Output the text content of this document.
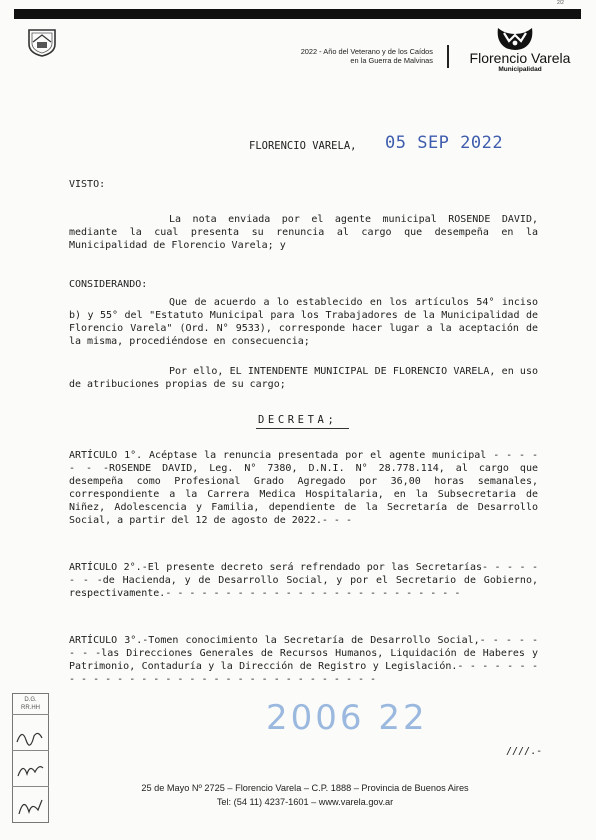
2/2
2022 - Año del Veterano y de los Caídos
en la Guerra de Malvinas	Florencio Varela
Municipalidad
FLORENCIO VARELA, 05 SEP 2022
VISTO:
La nota enviada por el agente municipal ROSENDE DAVID, mediante la cual presenta su renuncia al cargo que desempeña en la Municipalidad de Florencio Varela; y
CONSIDERANDO:
Que de acuerdo a lo establecido en los artículos 54° inciso b) y 55° del "Estatuto Municipal para los Trabajadores de la Municipalidad de Florencio Varela" (Ord. N° 9533), corresponde hacer lugar a la aceptación de la misma, procediéndose en consecuencia;
Por ello, EL INTENDENTE MUNICIPAL DE FLORENCIO VARELA, en uso de atribuciones propias de su cargo;
DECRETA;
ARTÍCULO 1°. Acéptase la renuncia presentada por el agente municipal - - - - - - -ROSENDE DAVID, Leg. N° 7380, D.N.I. N° 28.778.114, al cargo que desempeña como Profesional Grado Agregado por 36,00 horas semanales, correspondiente a la Carrera Medica Hospitalaria, en la Subsecretaria de Niñez, Adolescencia y Familia, dependiente de la Secretaría de Desarrollo Social, a partir del 12 de agosto de 2022.- - -
ARTÍCULO 2°.-El presente decreto será refrendado por las Secretarías- - - - - - - -de Hacienda, y de Desarrollo Social, y por el Secretario de Gobierno, respectivamente.- - - - - - - - - - - - - - - - - - - - - - - - -
ARTÍCULO 3°.-Tomen conocimiento la Secretaría de Desarrollo Social,- - - - - - - -las Direcciones Generales de Recursos Humanos, Liquidación de Haberes y Patrimonio, Contaduría y la Dirección de Registro y Legislación.- - - - - - - - - - - - - - - - - - - - - - - - - - - - - - - - -
2006 22
////.-
D.G.
RR.HH
25 de Mayo Nº 2725 – Florencio Varela – C.P. 1888 – Provincia de Buenos Aires
Tel: (54 11) 4237-1601 – www.varela.gov.ar
